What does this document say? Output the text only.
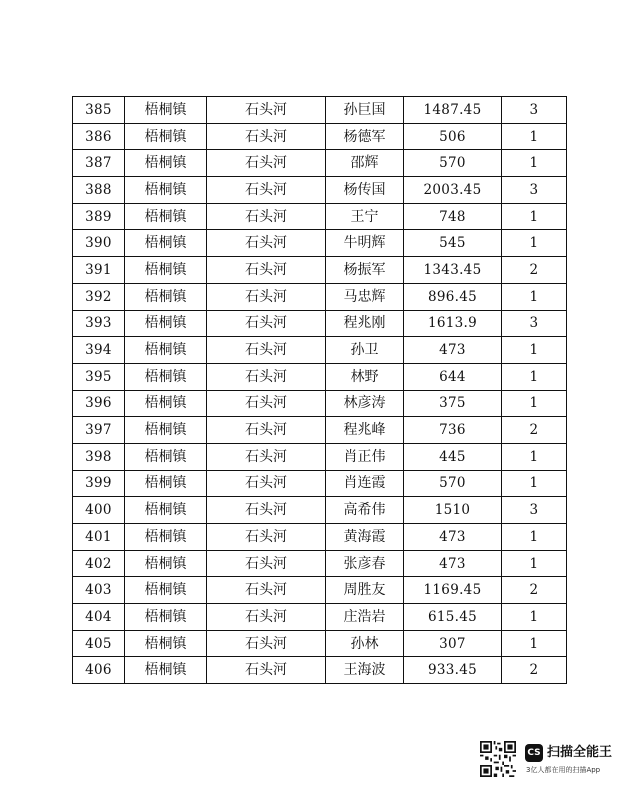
385	梧桐镇	石头河	孙巨国	1487.45	3
386	梧桐镇	石头河	杨德军	506	1
387	梧桐镇	石头河	邵辉	570	1
388	梧桐镇	石头河	杨传国	2003.45	3
389	梧桐镇	石头河	王宁	748	1
390	梧桐镇	石头河	牛明辉	545	1
391	梧桐镇	石头河	杨振军	1343.45	2
392	梧桐镇	石头河	马忠辉	896.45	1
393	梧桐镇	石头河	程兆刚	1613.9	3
394	梧桐镇	石头河	孙卫	473	1
395	梧桐镇	石头河	林野	644	1
396	梧桐镇	石头河	林彦涛	375	1
397	梧桐镇	石头河	程兆峰	736	2
398	梧桐镇	石头河	肖正伟	445	1
399	梧桐镇	石头河	肖连霞	570	1
400	梧桐镇	石头河	高希伟	1510	3
401	梧桐镇	石头河	黄海霞	473	1
402	梧桐镇	石头河	张彦春	473	1
403	梧桐镇	石头河	周胜友	1169.45	2
404	梧桐镇	石头河	庄浩岩	615.45	1
405	梧桐镇	石头河	孙林	307	1
406	梧桐镇	石头河	王海波	933.45	2
CS 扫描全能王
3亿人都在用的扫描App
